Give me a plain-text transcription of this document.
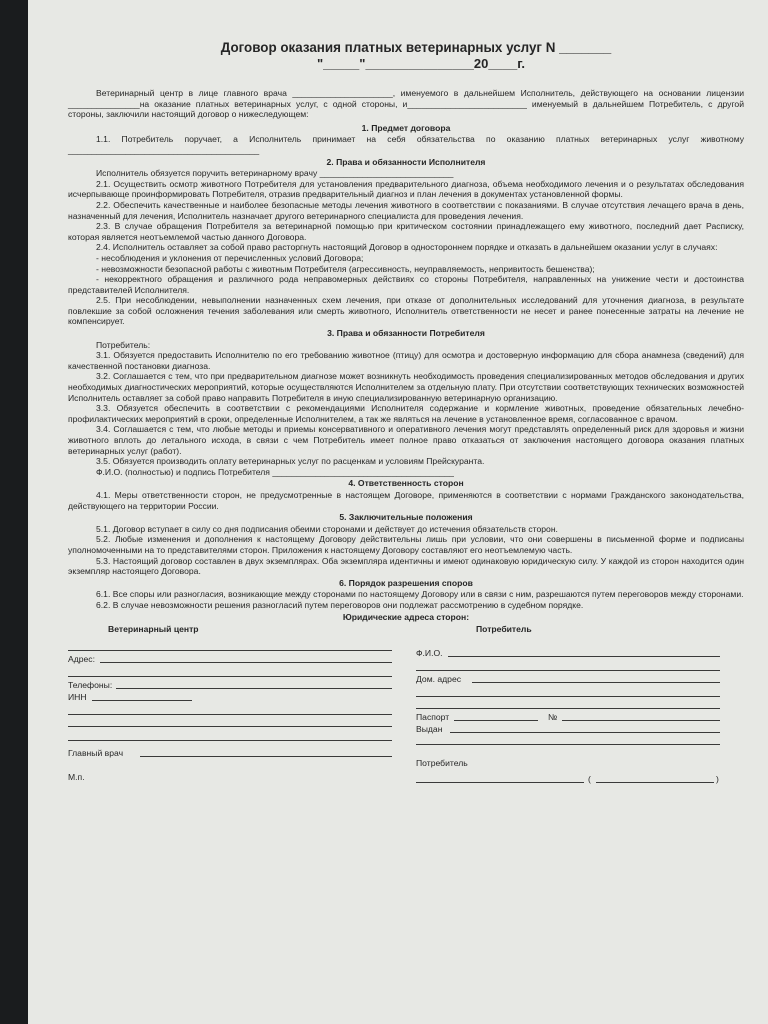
Договор оказания платных ветеринарных услуг N _______
"_____"_______________20____г.

Ветеринарный центр в лице главного врача _____________________, именуемого в дальнейшем Исполнитель, действующего на основании лицензии _______________на оказание платных ветеринарных услуг, с одной стороны, и_________________________ именуемый в дальнейшем Потребитель, с другой стороны, заключили настоящий договор о нижеследующем:

1. Предмет договора

1.1. Потребитель поручает, а Исполнитель принимает на себя обязательства по оказанию платных ветеринарных услуг животному ________________________________________

2. Права и обязанности Исполнителя

Исполнитель обязуется поручить ветеринарному врачу ____________________________

2.1. Осуществить осмотр животного Потребителя для установления предварительного диагноза, объема необходимого лечения и о результатах обследования исчерпывающе проинформировать Потребителя, отразив предварительный диагноз и план лечения в документах установленной формы.

2.2. Обеспечить качественные и наиболее безопасные методы лечения животного в соответствии с показаниями. В случае отсутствия лечащего врача в день, назначенный для лечения, Исполнитель назначает другого ветеринарного специалиста для проведения лечения.

2.3. В случае обращения Потребителя за ветеринарной помощью при критическом состоянии принадлежащего ему животного, последний дает Расписку, которая является неотъемлемой частью данного Договора.

2.4. Исполнитель оставляет за собой право расторгнуть настоящий Договор в одностороннем порядке и отказать в дальнейшем оказании услуг в случаях:

- несоблюдения и уклонения от перечисленных условий Договора;

- невозможности безопасной работы с животным Потребителя (агрессивность, неуправляемость, непривитость бешенства);

- некорректного обращения и различного рода неправомерных действиях со стороны Потребителя, направленных на унижение чести и достоинства представителей Исполнителя.

2.5. При несоблюдении, невыполнении назначенных схем лечения, при отказе от дополнительных исследований для уточнения диагноза, в результате повлекшие за собой осложнения течения заболевания или смерть животного, Исполнитель ответственности не несет и ранее понесенные затраты на лечение не компенсирует.

3. Права и обязанности Потребителя

Потребитель:

3.1. Обязуется предоставить Исполнителю по его требованию животное (птицу) для осмотра и достоверную информацию для сбора анамнеза (сведений) для качественной постановки диагноза.

3.2. Соглашается с тем, что при предварительном диагнозе может возникнуть необходимость проведения специализированных методов обследования и других необходимых диагностических мероприятий, которые осуществляются Исполнителем за отдельную плату. При отсутствии соответствующих технических возможностей Исполнитель оставляет за собой право направить Потребителя в иную специализированную ветеринарную организацию.

3.3. Обязуется обеспечить в соответствии с рекомендациями Исполнителя содержание и кормление животных, проведение обязательных лечебно-профилактических мероприятий в сроки, определенные Исполнителем, а так же являться на лечение в установленное время, согласованное с врачом.

3.4. Соглашается с тем, что любые методы и приемы консервативного и оперативного лечения могут представлять определенный риск для здоровья и жизни животного вплоть до летального исхода, в связи с чем Потребитель имеет полное право отказаться от заключения настоящего договора оказания платных ветеринарных услуг (работ).

3.5. Обязуется производить оплату ветеринарных услуг по расценкам и условиям Прейскуранта.

Ф.И.О. (полностью) и подпись Потребителя ______________________________________

4. Ответственность сторон

4.1. Меры ответственности сторон, не предусмотренные в настоящем Договоре, применяются в соответствии с нормами Гражданского законодательства, действующего на территории России.

5. Заключительные положения

5.1. Договор вступает в силу со дня подписания обеими сторонами и действует до истечения обязательств сторон.

5.2. Любые изменения и дополнения к настоящему Договору действительны лишь при условии, что они совершены в письменной форме и подписаны уполномоченными на то представителями сторон. Приложения к настоящему Договору составляют его неотъемлемую часть.

5.3. Настоящий договор составлен в двух экземплярах. Оба экземпляра идентичны и имеют одинаковую юридическую силу. У каждой из сторон находится один экземпляр настоящего Договора.

6. Порядок разрешения споров

6.1. Все споры или разногласия, возникающие между сторонами по настоящему Договору или в связи с ним, разрешаются путем переговоров между сторонами.

6.2. В случае невозможности решения разногласий путем переговоров они подлежат рассмотрению в судебном порядке.

Юридические адреса сторон:
Ветеринарный центр
Адрес:
Телефоны:
ИНН
Главный врач
М.п.
Потребитель
Ф.И.О.
Дом. адрес
Паспорт	№
Выдан
Потребитель
(	)
